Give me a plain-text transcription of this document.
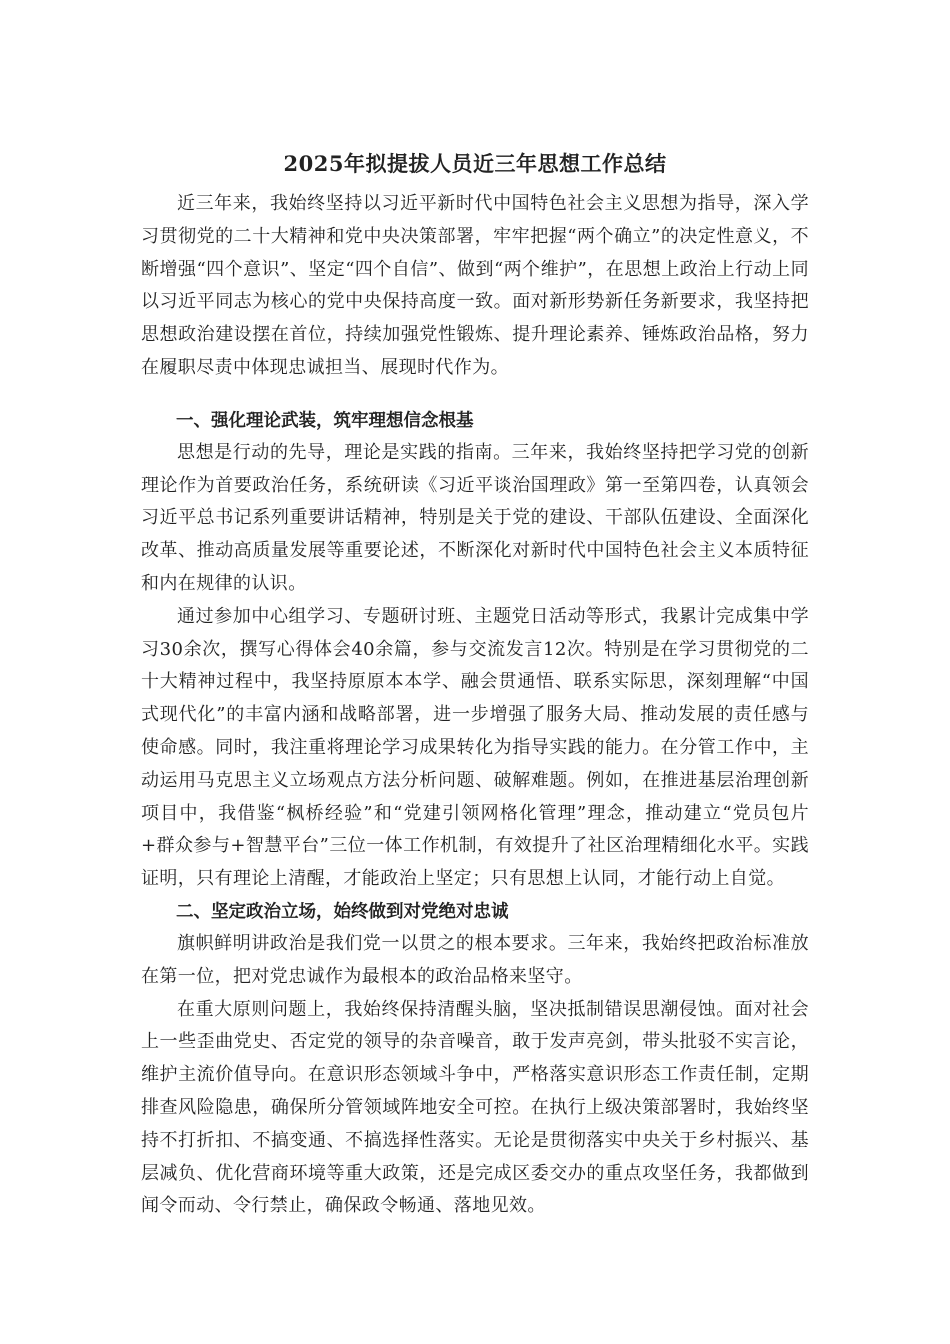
2025年拟提拔人员近三年思想工作总结

近三年来，我始终坚持以习近平新时代中国特色社会主义思想为指导，深入学习贯彻党的二十大精神和党中央决策部署，牢牢把握“两个确立”的决定性意义，不断增强“四个意识”、坚定“四个自信”、做到“两个维护”，在思想上政治上行动上同以习近平同志为核心的党中央保持高度一致。面对新形势新任务新要求，我坚持把思想政治建设摆在首位，持续加强党性锻炼、提升理论素养、锤炼政治品格，努力在履职尽责中体现忠诚担当、展现时代作为。

一、强化理论武装，筑牢理想信念根基

思想是行动的先导，理论是实践的指南。三年来，我始终坚持把学习党的创新理论作为首要政治任务，系统研读《习近平谈治国理政》第一至第四卷，认真领会习近平总书记系列重要讲话精神，特别是关于党的建设、干部队伍建设、全面深化改革、推动高质量发展等重要论述，不断深化对新时代中国特色社会主义本质特征和内在规律的认识。

通过参加中心组学习、专题研讨班、主题党日活动等形式，我累计完成集中学习30余次，撰写心得体会40余篇，参与交流发言12次。特别是在学习贯彻党的二十大精神过程中，我坚持原原本本学、融会贯通悟、联系实际思，深刻理解“中国式现代化”的丰富内涵和战略部署，进一步增强了服务大局、推动发展的责任感与使命感。同时，我注重将理论学习成果转化为指导实践的能力。在分管工作中，主动运用马克思主义立场观点方法分析问题、破解难题。例如，在推进基层治理创新项目中，我借鉴“枫桥经验”和“党建引领网格化管理”理念，推动建立“党员包片+群众参与+智慧平台”三位一体工作机制，有效提升了社区治理精细化水平。实践证明，只有理论上清醒，才能政治上坚定；只有思想上认同，才能行动上自觉。

二、坚定政治立场，始终做到对党绝对忠诚

旗帜鲜明讲政治是我们党一以贯之的根本要求。三年来，我始终把政治标准放在第一位，把对党忠诚作为最根本的政治品格来坚守。

在重大原则问题上，我始终保持清醒头脑，坚决抵制错误思潮侵蚀。面对社会上一些歪曲党史、否定党的领导的杂音噪音，敢于发声亮剑，带头批驳不实言论，维护主流价值导向。在意识形态领域斗争中，严格落实意识形态工作责任制，定期排查风险隐患，确保所分管领域阵地安全可控。在执行上级决策部署时，我始终坚持不打折扣、不搞变通、不搞选择性落实。无论是贯彻落实中央关于乡村振兴、基层减负、优化营商环境等重大政策，还是完成区委交办的重点攻坚任务，我都做到闻令而动、令行禁止，确保政令畅通、落地见效。
